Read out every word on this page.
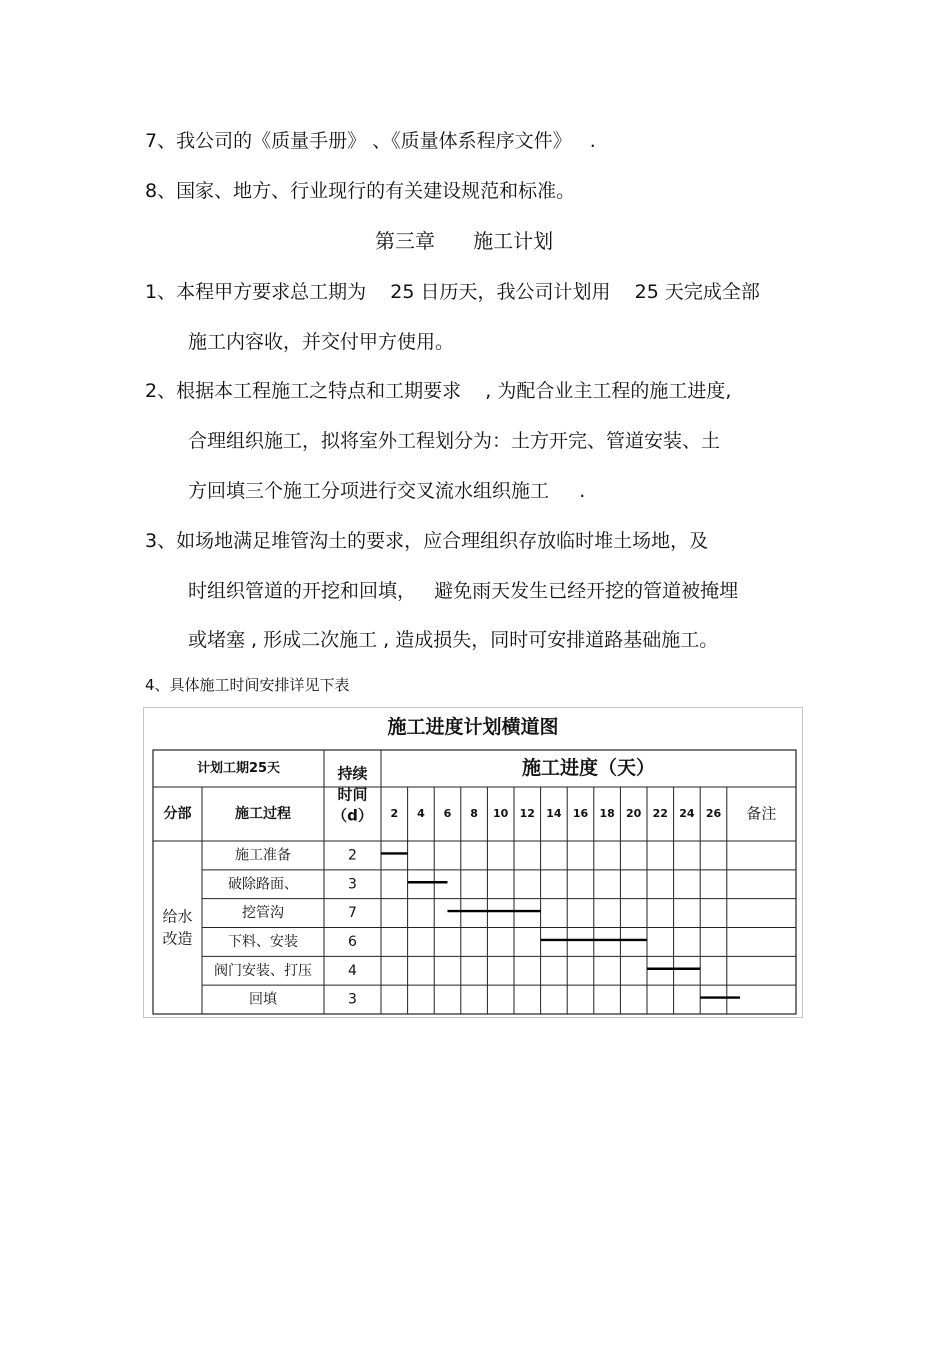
7、我公司的《质量手册》 、《质量体系程序文件》   .
8、国家、地方、行业现行的有关建设规范和标准。
第三章      施工计划
1、本程甲方要求总工期为    25 日历天，我公司计划用    25 天完成全部
施工内容收，并交付甲方使用。
2、根据本工程施工之特点和工期要求    , 为配合业主工程的施工进度,
合理组织施工，拟将室外工程划分为：土方开完、管道安装、土
方回填三个施工分项进行交叉流水组织施工     .
3、如场地满足堆管沟土的要求，应合理组织存放临时堆土场地，及
时组织管道的开挖和回填，   避免雨天发生已经开挖的管道被掩埋
或堵塞 , 形成二次施工 , 造成损失，同时可安排道路基础施工。
4、具体施工时间安排详见下表
施工进度计划横道图
计划工期25天
分部	施工过程
持续
时间
（d）
施工进度（天）
2 4 6 8 10 12 14 16 18 20 22 24 26 备注
给水
改造
施工准备	2
破除路面、	3
挖管沟	7
下料、安装	6
阀门安装、打压	4
回填	3
